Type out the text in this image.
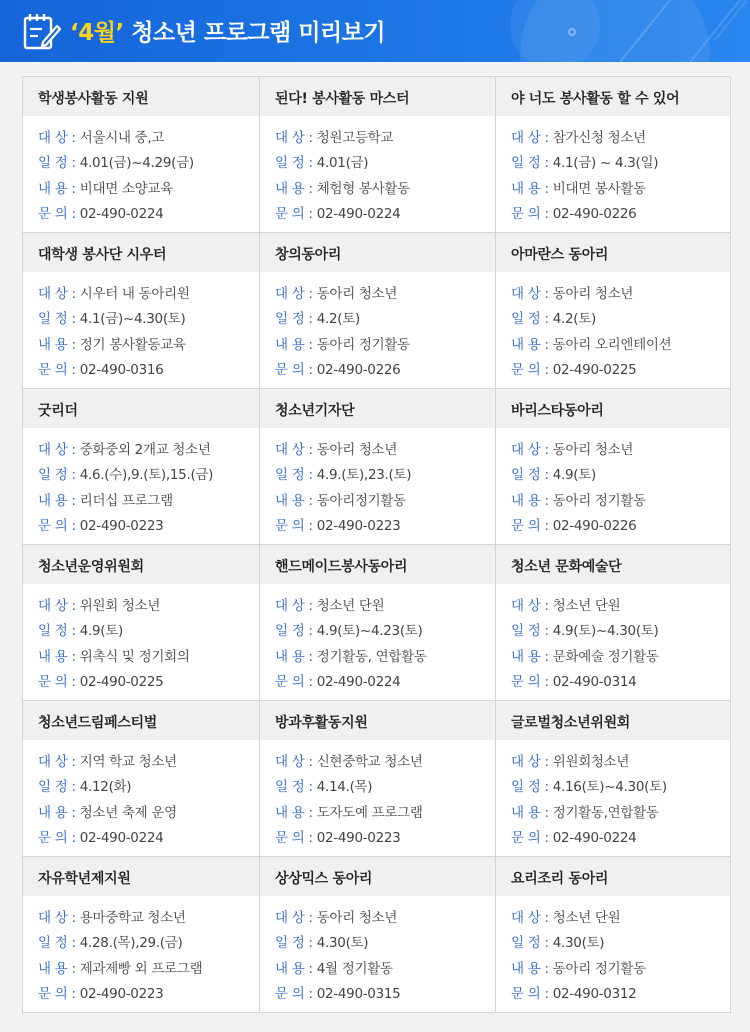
‘4월’ 청소년 프로그램 미리보기
학생봉사활동 지원
대 상 : 서울시내 중,고
일 정 : 4.01(금)~4.29(금)
내 용 : 비대면 소양교육
문 의 : 02-490-0224
된다! 봉사활동 마스터
대 상 : 청원고등학교
일 정 : 4.01(금)
내 용 : 체험형 봉사활동
문 의 : 02-490-0224
야 너도 봉사활동 할 수 있어
대 상 : 참가신청 청소년
일 정 : 4.1(금) ~ 4.3(일)
내 용 : 비대면 봉사활동
문 의 : 02-490-0226
대학생 봉사단 시우터
대 상 : 시우터 내 동아리원
일 정 : 4.1(금)~4.30(토)
내 용 : 정기 봉사활동교육
문 의 : 02-490-0316
창의동아리
대 상 : 동아리 청소년
일 정 : 4.2(토)
내 용 : 동아리 정기활동
문 의 : 02-490-0226
아마란스 동아리
대 상 : 동아리 청소년
일 정 : 4.2(토)
내 용 : 동아리 오리엔테이션
문 의 : 02-490-0225
굿리더
대 상 : 중화중외 2개교 청소년
일 정 : 4.6.(수),9.(토),15.(금)
내 용 : 리더십 프로그램
문 의 : 02-490-0223
청소년기자단
대 상 : 동아리 청소년
일 정 : 4.9.(토),23.(토)
내 용 : 동아리정기활동
문 의 : 02-490-0223
바리스타동아리
대 상 : 동아리 청소년
일 정 : 4.9(토)
내 용 : 동아리 정기활동
문 의 : 02-490-0226
청소년운영위원회
대 상 : 위원회 청소년
일 정 : 4.9(토)
내 용 : 위촉식 및 정기회의
문 의 : 02-490-0225
핸드메이드봉사동아리
대 상 : 청소년 단원
일 정 : 4.9(토)~4.23(토)
내 용 : 정기활동, 연합활동
문 의 : 02-490-0224
청소년 문화예술단
대 상 : 청소년 단원
일 정 : 4.9(토)~4.30(토)
내 용 : 문화예술 정기활동
문 의 : 02-490-0314
청소년드림페스티벌
대 상 : 지역 학교 청소년
일 정 : 4.12(화)
내 용 : 청소년 축제 운영
문 의 : 02-490-0224
방과후활동지원
대 상 : 신현중학교 청소년
일 정 : 4.14.(목)
내 용 : 도자도예 프로그램
문 의 : 02-490-0223
글로벌청소년위원회
대 상 : 위원회청소년
일 정 : 4.16(토)~4.30(토)
내 용 : 정기활동,연합활동
문 의 : 02-490-0224
자유학년제지원
대 상 : 용마중학교 청소년
일 정 : 4.28.(목),29.(금)
내 용 : 제과제빵 외 프로그램
문 의 : 02-490-0223
상상믹스 동아리
대 상 : 동아리 청소년
일 정 : 4.30(토)
내 용 : 4월 정기활동
문 의 : 02-490-0315
요리조리 동아리
대 상 : 청소년 단원
일 정 : 4.30(토)
내 용 : 동아리 정기활동
문 의 : 02-490-0312
